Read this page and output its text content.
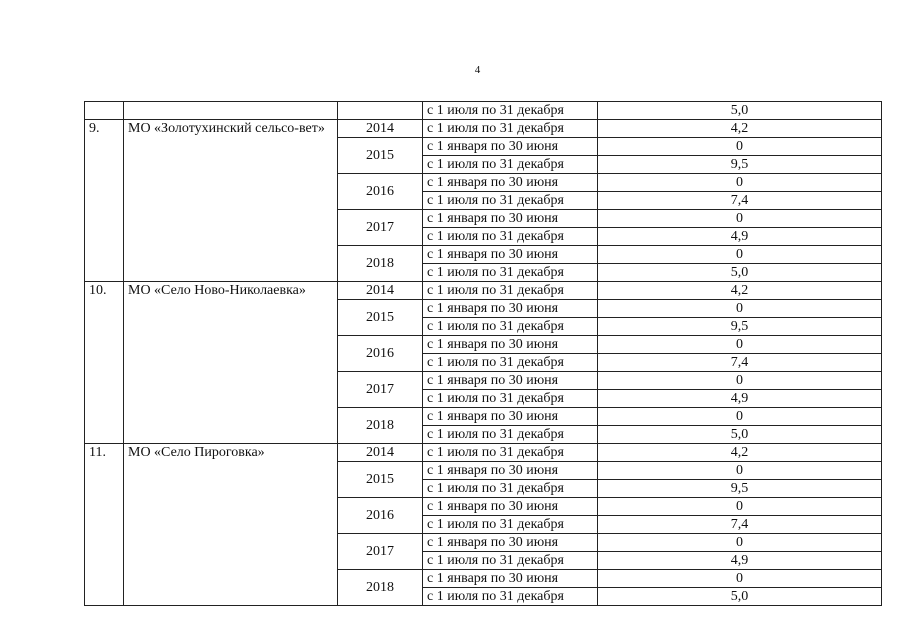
4
			с 1 июля по 31 декабря	5,0
9.	МО «Золотухинский сельсо-вет»	2014	с 1 июля по 31 декабря	4,2
		2015	с 1 января по 30 июня	0
			с 1 июля по 31 декабря	9,5
		2016	с 1 января по 30 июня	0
			с 1 июля по 31 декабря	7,4
		2017	с 1 января по 30 июня	0
			с 1 июля по 31 декабря	4,9
		2018	с 1 января по 30 июня	0
			с 1 июля по 31 декабря	5,0
10.	МО «Село Ново-Николаевка»	2014	с 1 июля по 31 декабря	4,2
		2015	с 1 января по 30 июня	0
			с 1 июля по 31 декабря	9,5
		2016	с 1 января по 30 июня	0
			с 1 июля по 31 декабря	7,4
		2017	с 1 января по 30 июня	0
			с 1 июля по 31 декабря	4,9
		2018	с 1 января по 30 июня	0
			с 1 июля по 31 декабря	5,0
11.	МО «Село Пироговка»	2014	с 1 июля по 31 декабря	4,2
		2015	с 1 января по 30 июня	0
			с 1 июля по 31 декабря	9,5
		2016	с 1 января по 30 июня	0
			с 1 июля по 31 декабря	7,4
		2017	с 1 января по 30 июня	0
			с 1 июля по 31 декабря	4,9
		2018	с 1 января по 30 июня	0
			с 1 июля по 31 декабря	5,0
